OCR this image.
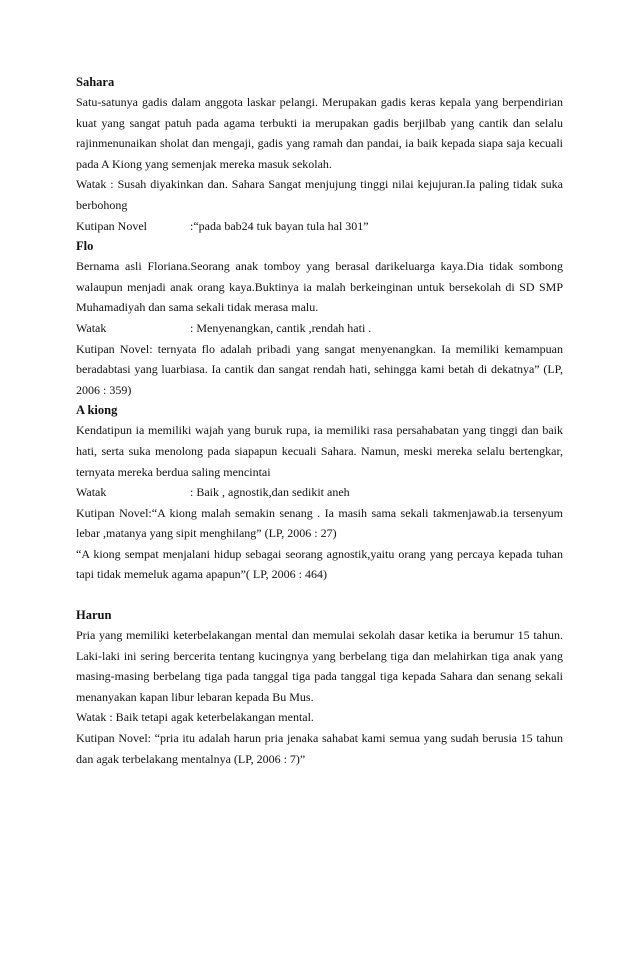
Sahara

Satu-satunya gadis dalam anggota laskar pelangi. Merupakan gadis keras kepala yang berpendirian kuat yang sangat patuh pada agama terbukti ia merupakan gadis berjilbab yang cantik dan selalu rajinmenunaikan sholat dan mengaji, gadis yang ramah dan pandai, ia baik kepada siapa saja kecuali pada A Kiong yang semenjak mereka masuk sekolah.

Watak : Susah diyakinkan dan. Sahara Sangat menjujung tinggi nilai kejujuran.Ia paling tidak suka berbohong

Kutipan Novel	:“pada bab24 tuk bayan tula hal 301”

Flo

Bernama asli Floriana.Seorang anak tomboy yang berasal darikeluarga kaya.Dia tidak sombong walaupun menjadi anak orang kaya.Buktinya ia malah berkeinginan untuk bersekolah di SD SMP Muhamadiyah dan sama sekali tidak merasa malu.

Watak	: Menyenangkan, cantik ,rendah hati .

Kutipan Novel: ternyata flo adalah pribadi yang sangat menyenangkan. Ia memiliki kemampuan beradabtasi yang luarbiasa. Ia cantik dan sangat rendah hati, sehingga kami betah di dekatnya” (LP, 2006 : 359)

A kiong

Kendatipun ia memiliki wajah yang buruk rupa, ia memiliki rasa persahabatan yang tinggi dan baik hati, serta suka menolong pada siapapun kecuali Sahara. Namun, meski mereka selalu bertengkar, ternyata mereka berdua saling mencintai

Watak	: Baik , agnostik,dan sedikit aneh

Kutipan Novel:“A kiong malah semakin senang . Ia masih sama sekali takmenjawab.ia tersenyum lebar ,matanya yang sipit menghilang” (LP, 2006 : 27)

“A kiong sempat menjalani hidup sebagai seorang agnostik,yaitu orang yang percaya kepada tuhan tapi tidak memeluk agama apapun”( LP, 2006 : 464)

Harun

Pria yang memiliki keterbelakangan mental dan memulai sekolah dasar ketika ia berumur 15 tahun. Laki-laki ini sering bercerita tentang kucingnya yang berbelang tiga dan melahirkan tiga anak yang masing-masing berbelang tiga pada tanggal tiga pada tanggal tiga kepada Sahara dan senang sekali menanyakan kapan libur lebaran kepada Bu Mus.

Watak : Baik tetapi agak keterbelakangan mental.

Kutipan Novel: “pria itu adalah harun pria jenaka sahabat kami semua yang sudah berusia 15 tahun dan agak terbelakang mentalnya (LP, 2006 : 7)”
